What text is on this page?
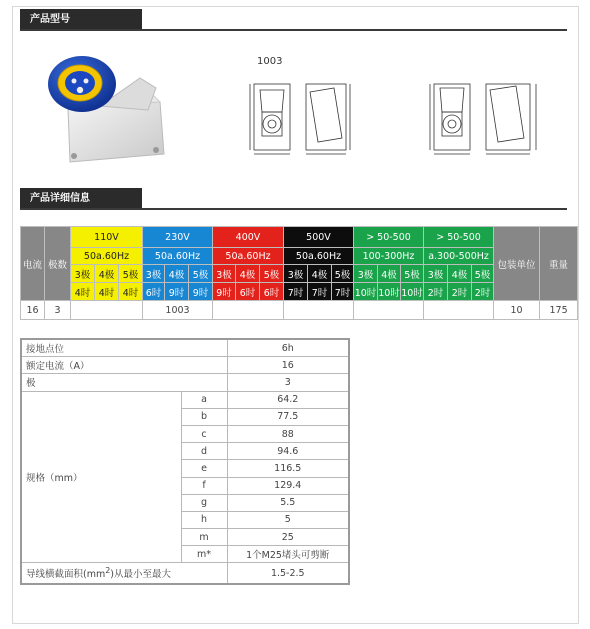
产品型号
1003
产品详细信息
电流	极数	110V			230V			400V			500V			> 50-500			> 50-500			包装单位	重量
		50a.60Hz			50a.60Hz			50a.60Hz			50a.60Hz			100-300Hz			a.300-500Hz				
		3极	4极	5极	3极	4极	5极	3极	4极	5极	3极	4极	5极	3极	4极	5极	3极	4极	5极		
		4时	4时	4时	6时	9时	9时	9时	6时	6时	7时	7时	7时	10时	10时	10时	2时	2时	2时		
16	3				1003															10	175
接地点位		6h
额定电流（A）		16
极		3
规格（mm）	a	64.2
	b	77.5
	c	88
	d	94.6
	e	116.5
	f	129.4
	g	5.5
	h	5
	m	25
	m*	1个M25堵头可剪断
导线横截面积$(mm^2)$从最小至最大		1.5-2.5
